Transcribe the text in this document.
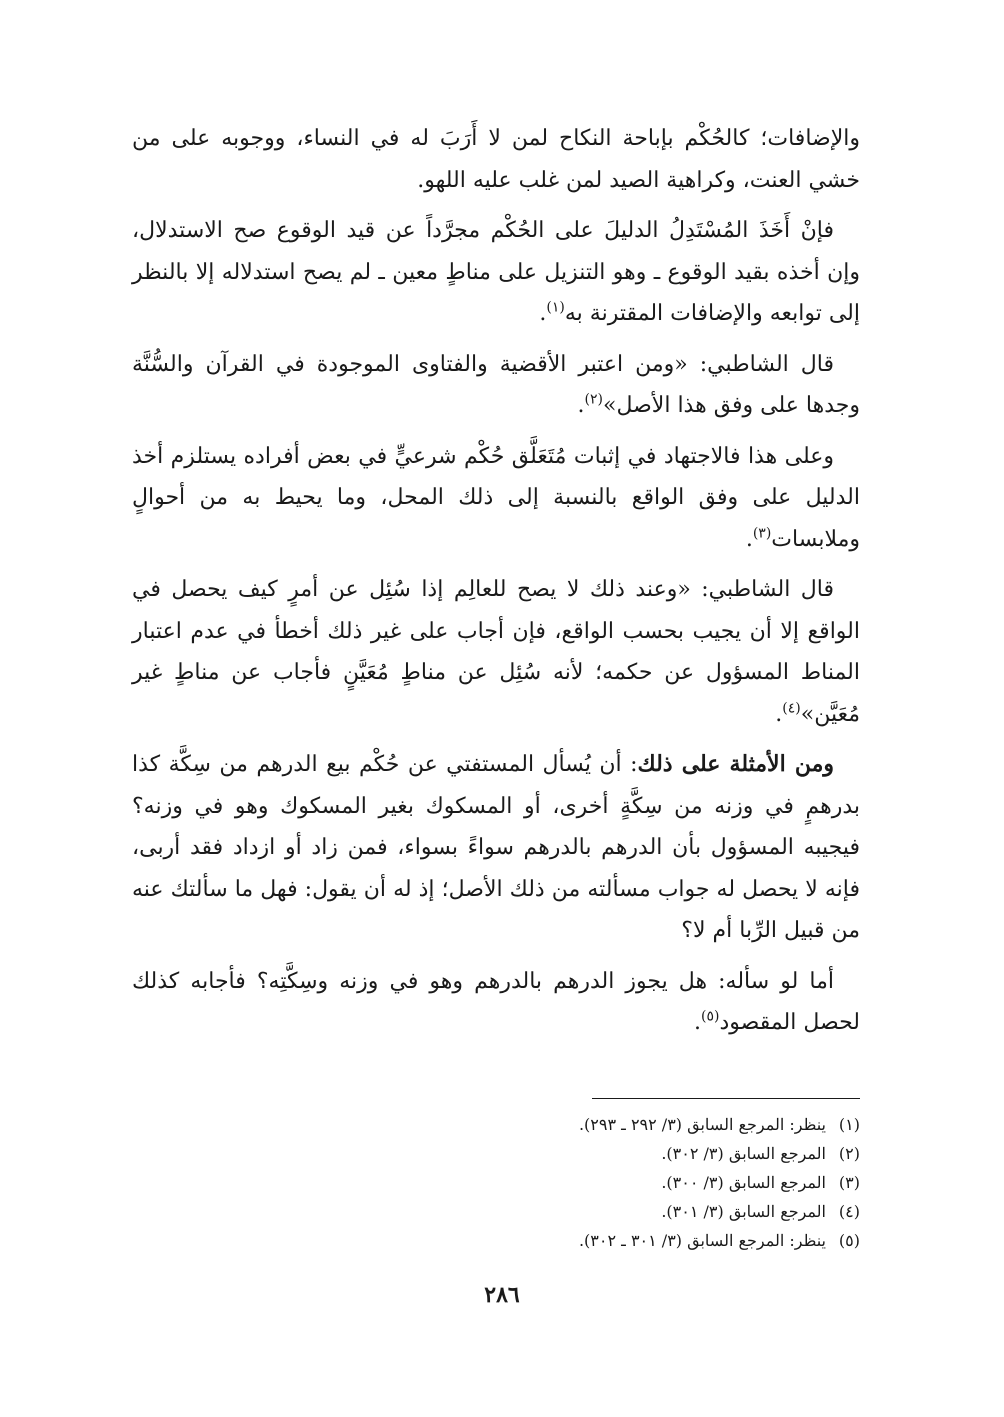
والإضافات؛ كالحُكْم بإباحة النكاح لمن لا أَرَبَ له في النساء، ووجوبه على من خشي العنت، وكراهية الصيد لمن غلب عليه اللهو.

فإنْ أَخَذَ المُسْتَدِلُ الدليلَ على الحُكْم مجرَّداً عن قيد الوقوع صح الاستدلال، وإن أخذه بقيد الوقوع ـ وهو التنزيل على مناطٍ معين ـ لم يصح استدلاله إلا بالنظر إلى توابعه والإضافات المقترنة به$^{(١)}$.

قال الشاطبي: «ومن اعتبر الأقضية والفتاوى الموجودة في القرآن والسُّنَّة وجدها على وفق هذا الأصل»$^{(٢)}$.

وعلى هذا فالاجتهاد في إثبات مُتَعَلَّق حُكْم شرعيٍّ في بعض أفراده يستلزم أخذ الدليل على وفق الواقع بالنسبة إلى ذلك المحل، وما يحيط به من أحوالٍ وملابسات$^{(٣)}$.

قال الشاطبي: «وعند ذلك لا يصح للعالِم إذا سُئِل عن أمرٍ كيف يحصل في الواقع إلا أن يجيب بحسب الواقع، فإن أجاب على غير ذلك أخطأ في عدم اعتبار المناط المسؤول عن حكمه؛ لأنه سُئِل عن مناطٍ مُعَيَّنٍ فأجاب عن مناطٍ غير مُعَيَّن»$^{(٤)}$.

ومن الأمثلة على ذلك: أن يُسأل المستفتي عن حُكْم بيع الدرهم من سِكَّة كذا بدرهمٍ في وزنه من سِكَّةٍ أخرى، أو المسكوك بغير المسكوك وهو في وزنه؟ فيجيبه المسؤول بأن الدرهم بالدرهم سواءً بسواء، فمن زاد أو ازداد فقد أربى، فإنه لا يحصل له جواب مسألته من ذلك الأصل؛ إذ له أن يقول: فهل ما سألتك عنه من قبيل الرِّبا أم لا؟

أما لو سأله: هل يجوز الدرهم بالدرهم وهو في وزنه وسِكَّتِه؟ فأجابه كذلك لحصل المقصود$^{(٥)}$.

(١)
ينظر: المرجع السابق (٣/ ٢٩٢ ـ ٢٩٣).
(٢)
المرجع السابق (٣/ ٣٠٢).
(٣)
المرجع السابق (٣/ ٣٠٠).
(٤)
المرجع السابق (٣/ ٣٠١).
(٥)
ينظر: المرجع السابق (٣/ ٣٠١ ـ ٣٠٢).
٢٨٦
